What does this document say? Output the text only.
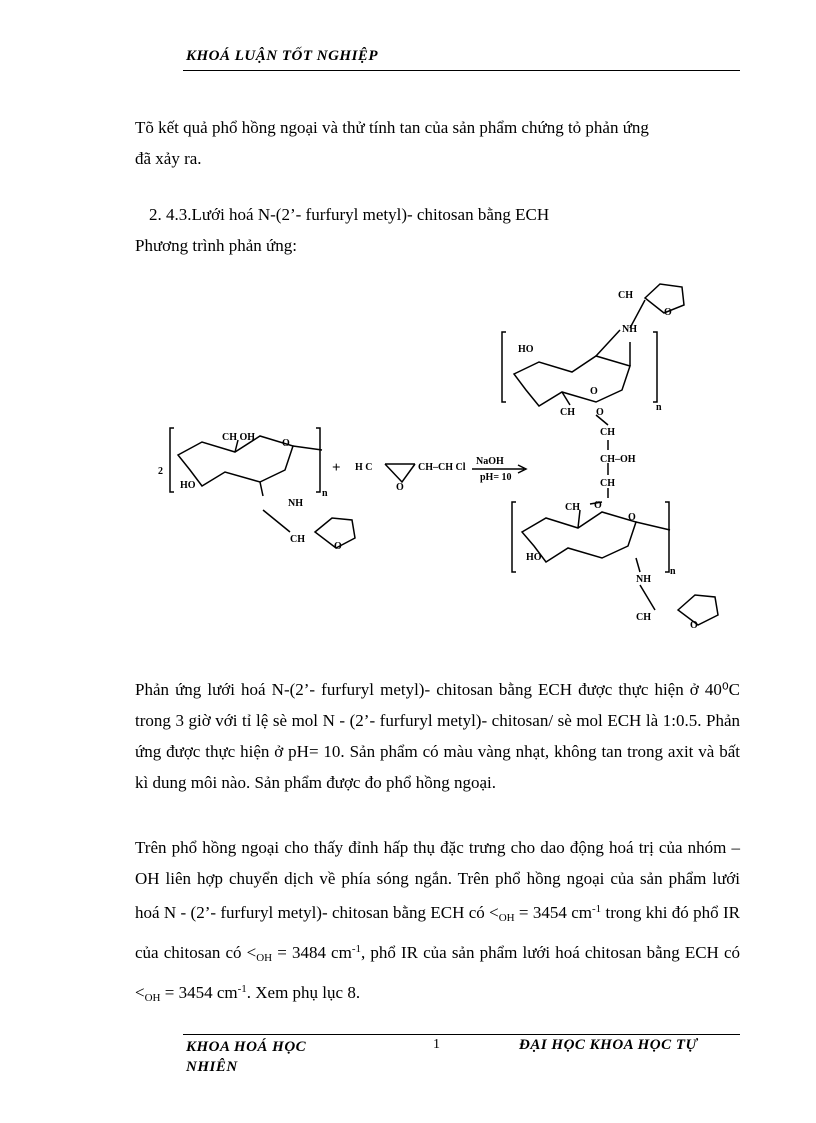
KHOÁ LUẬN TỐT NGHIỆP
Tõ kết quả phổ hồng ngoại và thử tính tan của sản phẩm chứng tỏ phản ứng
đã xảy ra.
2. 4.3.Lưới hoá N-(2’- furfuryl metyl)- chitosan bằng ECH
Phương trình phản ứng:
2
CH OH
HO
O
NH
CH
n
O
+ H C	CH–CH Cl
O
NaOH
pH= 10
CH
O
NH
HO
O
n
CH O
CH
CH–OH
CH
CH O
HO
O
NH
n
CH
O
Phản ứng lưới hoá N-(2’- furfuryl metyl)- chitosan bằng ECH được thực hiện ở 40⁰C trong 3 giờ với tỉ lệ sè mol N - (2’- furfuryl metyl)- chitosan/ sè mol ECH là 1:0.5. Phản ứng được thực hiện ở pH= 10. Sản phẩm có màu vàng nhạt, không tan trong axit và bất kì dung môi nào. Sản phẩm được đo phổ hồng ngoại.
Trên phổ hồng ngoại cho thấy đỉnh hấp thụ đặc trưng cho dao động hoá trị của nhóm –OH liên hợp chuyển dịch về phía sóng ngắn. Trên phổ hồng ngoại của sản phẩm lưới hoá N - (2’- furfuryl metyl)- chitosan bằng ECH có $<_{OH} = 3454$ $cm^{-1}$ trong khi đó phổ IR của chitosan có $<_{OH} = 3484$ $cm^{-1}$, phổ IR của sản phẩm lưới hoá chitosan bằng ECH có $<_{OH} = 3454$ $cm^{-1}$. Xem phụ lục 8.
KHOA HOÁ HỌC NHIÊN
1	ĐẠI HỌC KHOA HỌC TỰ
